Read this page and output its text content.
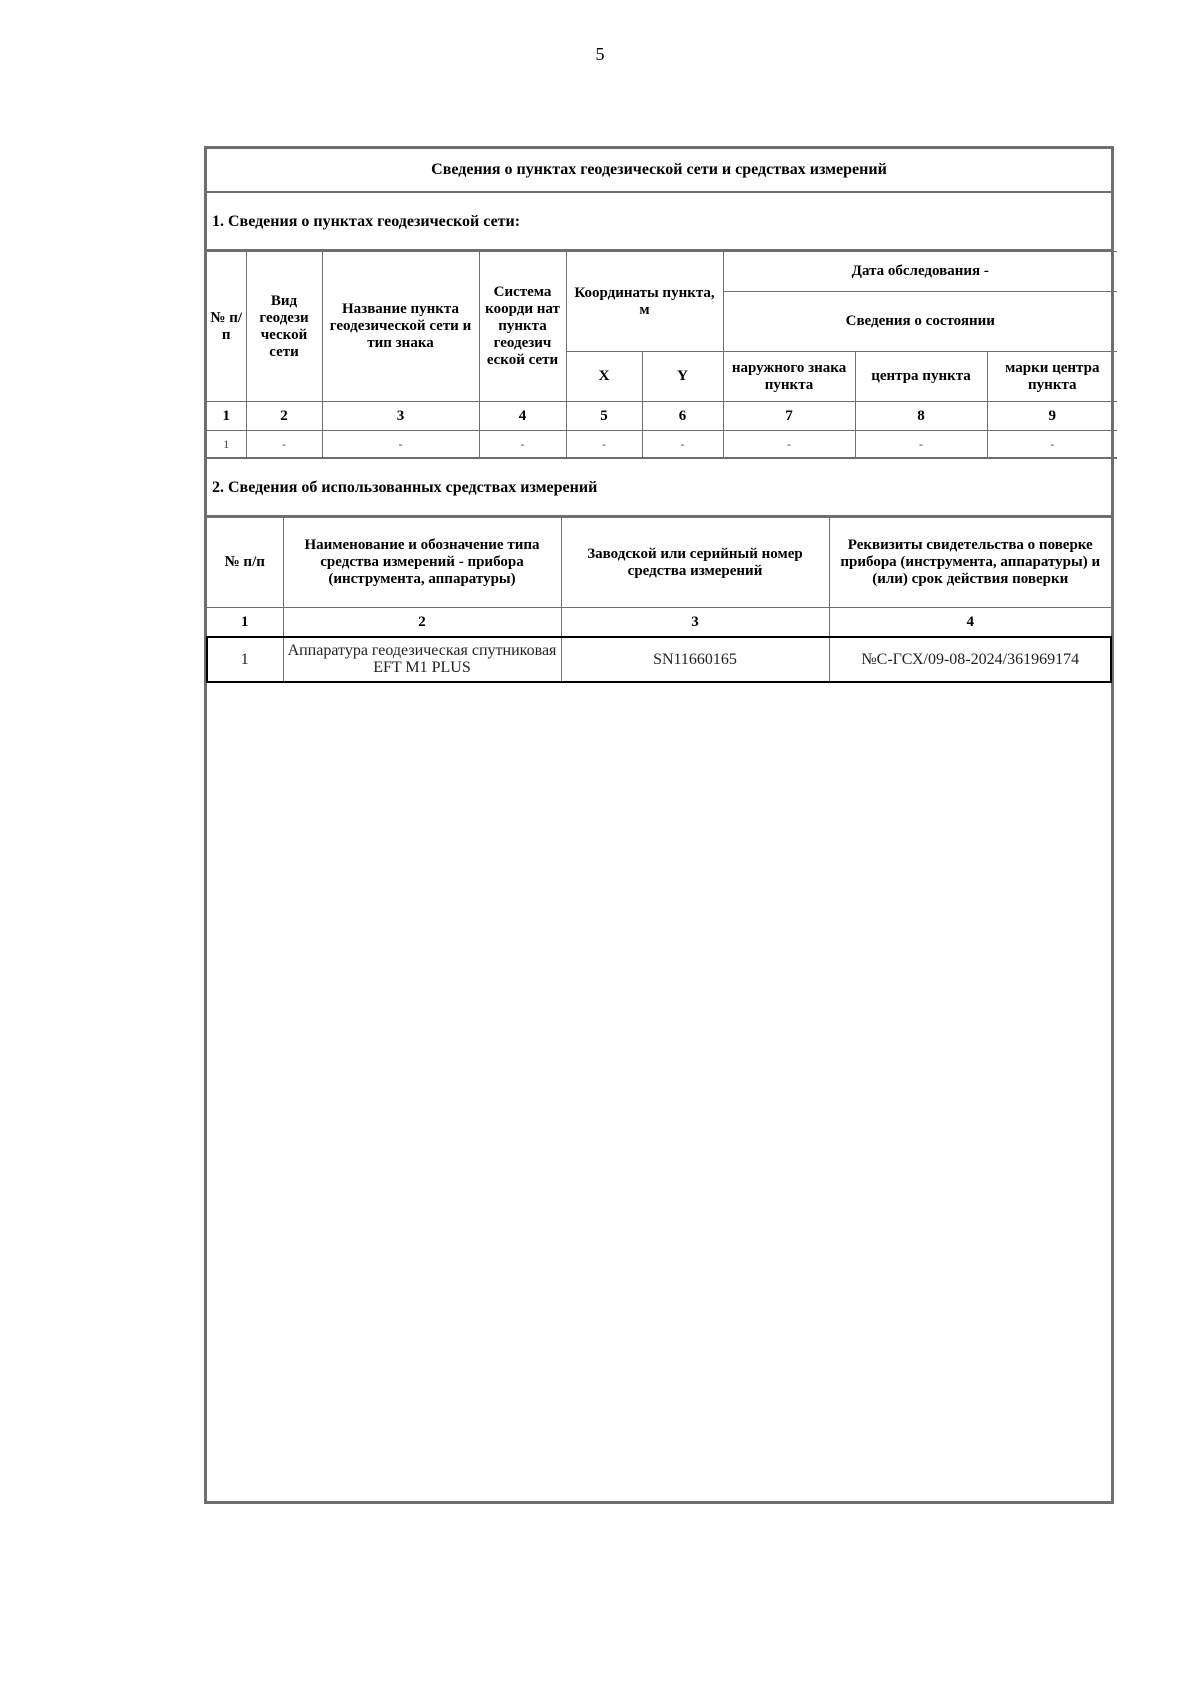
5
Сведения о пунктах геодезической сети и средствах измерений
1. Сведения о пунктах геодезической сети:
№ п/п	Вид геодези ческой сети	Название пункта геодезической сети и тип знака	Система коорди нат пункта геодезич еской сети	Координаты пункта, м		Дата обследования -		
						Сведения о состоянии		
				X	Y	наружного знака пункта	центра пункта	марки центра пункта
1	2	3	4	5	6	7	8	9
1	-	-	-	-	-	-	-	-
2. Сведения об использованных средствах измерений
№ п/п	Наименование и обозначение типа средства измерений - прибора (инструмента, аппаратуры)	Заводской или серийный номер средства измерений	Реквизиты свидетельства о поверке прибора (инструмента, аппаратуры) и (или) срок действия поверки
1	2	3	4
1	Аппаратура геодезическая спутниковая EFT M1 PLUS	SN11660165	№С-ГСХ/09-08-2024/361969174
